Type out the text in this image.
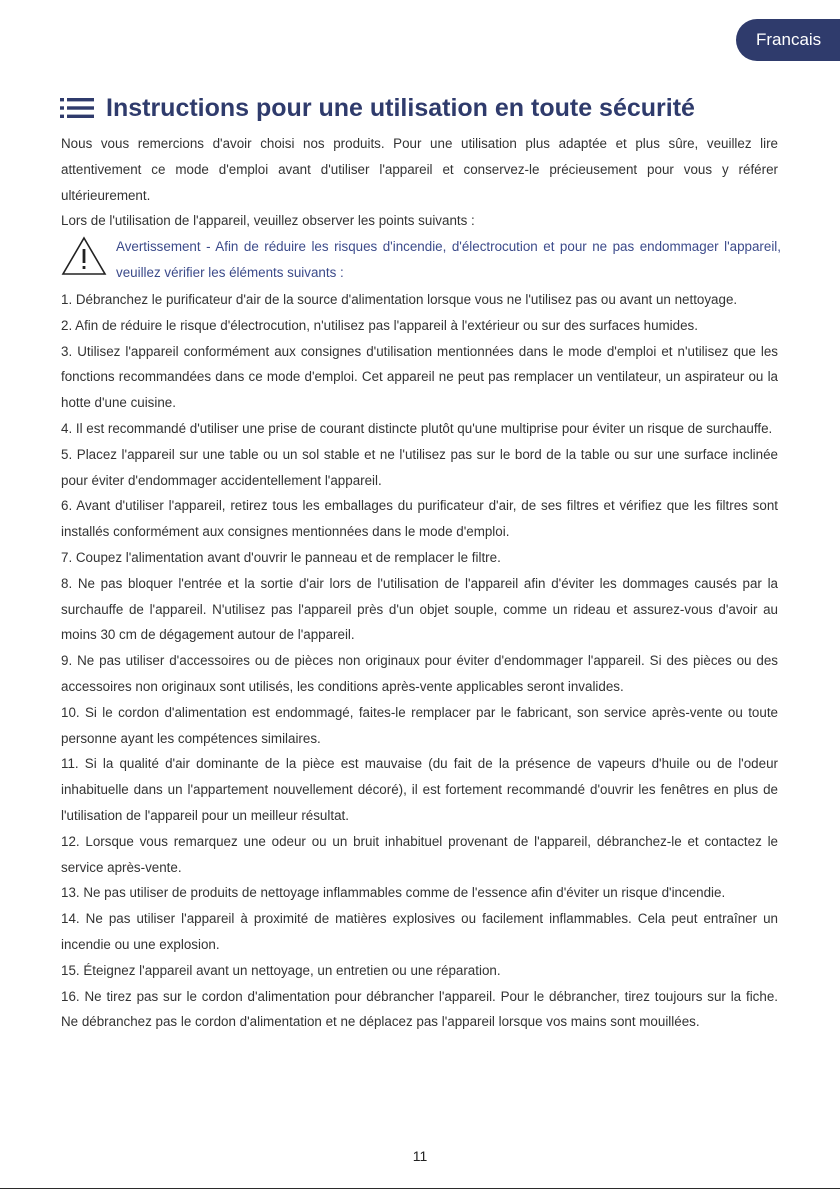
Francais
Instructions pour une utilisation en toute sécurité

Nous vous remercions d'avoir choisi nos produits. Pour une utilisation plus adaptée et plus sûre, veuillez lire attentivement ce mode d'emploi avant d'utiliser l'appareil et conservez-le précieusement pour vous y référer ultérieurement.

Lors de l'utilisation de l'appareil, veuillez observer les points suivants :

Avertissement - Afin de réduire les risques d'incendie, d'électrocution et pour ne pas endommager l'appareil, veuillez vérifier les éléments suivants :
1. Débranchez le purificateur d'air de la source d'alimentation lorsque vous ne l'utilisez pas ou avant un nettoyage.
2. Afin de réduire le risque d'électrocution, n'utilisez pas l'appareil à l'extérieur ou sur des surfaces humides.
3. Utilisez l'appareil conformément aux consignes d'utilisation mentionnées dans le mode d'emploi et n'utilisez que les fonctions recommandées dans ce mode d'emploi. Cet appareil ne peut pas remplacer un ventilateur, un aspirateur ou la hotte d'une cuisine.
4. Il est recommandé d'utiliser une prise de courant distincte plutôt qu'une multiprise pour éviter un risque de surchauffe.
5. Placez l'appareil sur une table ou un sol stable et ne l'utilisez pas sur le bord de la table ou sur une surface inclinée pour éviter d'endommager accidentellement l'appareil.
6. Avant d'utiliser l'appareil, retirez tous les emballages du purificateur d'air, de ses filtres et vérifiez que les filtres sont installés conformément aux consignes mentionnées dans le mode d'emploi.
7. Coupez l'alimentation avant d'ouvrir le panneau et de remplacer le filtre.
8. Ne pas bloquer l'entrée et la sortie d'air lors de l'utilisation de l'appareil afin d'éviter les dommages causés par la surchauffe de l'appareil. N'utilisez pas l'appareil près d'un objet souple, comme un rideau et assurez-vous d'avoir au moins 30 cm de dégagement autour de l'appareil.
9. Ne pas utiliser d'accessoires ou de pièces non originaux pour éviter d'endommager l'appareil. Si des pièces ou des accessoires non originaux sont utilisés, les conditions après-vente applicables seront invalides.
10. Si le cordon d'alimentation est endommagé, faites-le remplacer par le fabricant, son service après-vente ou toute personne ayant les compétences similaires.
11. Si la qualité d'air dominante de la pièce est mauvaise (du fait de la présence de vapeurs d'huile ou de l'odeur inhabituelle dans un l'appartement nouvellement décoré), il est fortement recommandé d'ouvrir les fenêtres en plus de l'utilisation de l'appareil pour un meilleur résultat.
12. Lorsque vous remarquez une odeur ou un bruit inhabituel provenant de l'appareil, débranchez-le et contactez le service après-vente.
13. Ne pas utiliser de produits de nettoyage inflammables comme de l'essence afin d'éviter un risque d'incendie.
14. Ne pas utiliser l'appareil à proximité de matières explosives ou facilement inflammables. Cela peut entraîner un incendie ou une explosion.
15. Éteignez l'appareil avant un nettoyage, un entretien ou une réparation.
16. Ne tirez pas sur le cordon d'alimentation pour débrancher l'appareil. Pour le débrancher, tirez toujours sur la fiche. Ne débranchez pas le cordon d'alimentation et ne déplacez pas l'appareil lorsque vos mains sont mouillées.
11
